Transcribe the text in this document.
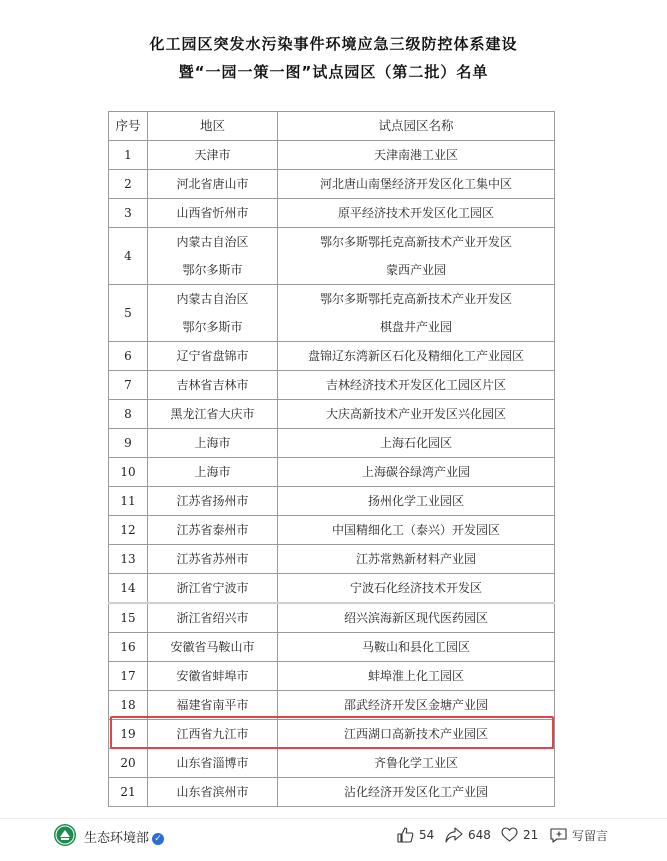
化工园区突发水污染事件环境应急三级防控体系建设
暨“一园一策一图”试点园区（第二批）名单
序号	地区	试点园区名称
1	天津市	天津南港工业区

2	河北省唐山市	河北唐山南堡经济开发区化工集中区

3	山西省忻州市	原平经济技术开发区化工园区

4	内蒙古自治区
鄂尔多斯市	鄂尔多斯鄂托克高新技术产业开发区
蒙西产业园

5	内蒙古自治区
鄂尔多斯市	鄂尔多斯鄂托克高新技术产业开发区
棋盘井产业园

6	辽宁省盘锦市	盘锦辽东湾新区石化及精细化工产业园区

7	吉林省吉林市	吉林经济技术开发区化工园区片区

8	黑龙江省大庆市	大庆高新技术产业开发区兴化园区

9	上海市	上海石化园区

10	上海市	上海碳谷绿湾产业园

11	江苏省扬州市	扬州化学工业园区

12	江苏省泰州市	中国精细化工（泰兴）开发园区

13	江苏省苏州市	江苏常熟新材料产业园

14	浙江省宁波市	宁波石化经济技术开发区

15	浙江省绍兴市	绍兴滨海新区现代医药园区

16	安徽省马鞍山市	马鞍山和县化工园区

17	安徽省蚌埠市	蚌埠淮上化工园区

18	福建省南平市	邵武经济开发区金塘产业园

19	江西省九江市	江西湖口高新技术产业园区

20	山东省淄博市	齐鲁化学工业区

21	山东省滨州市	沾化经济开发区化工产业园
生态环境部 ✓	54	648	21	写留言
